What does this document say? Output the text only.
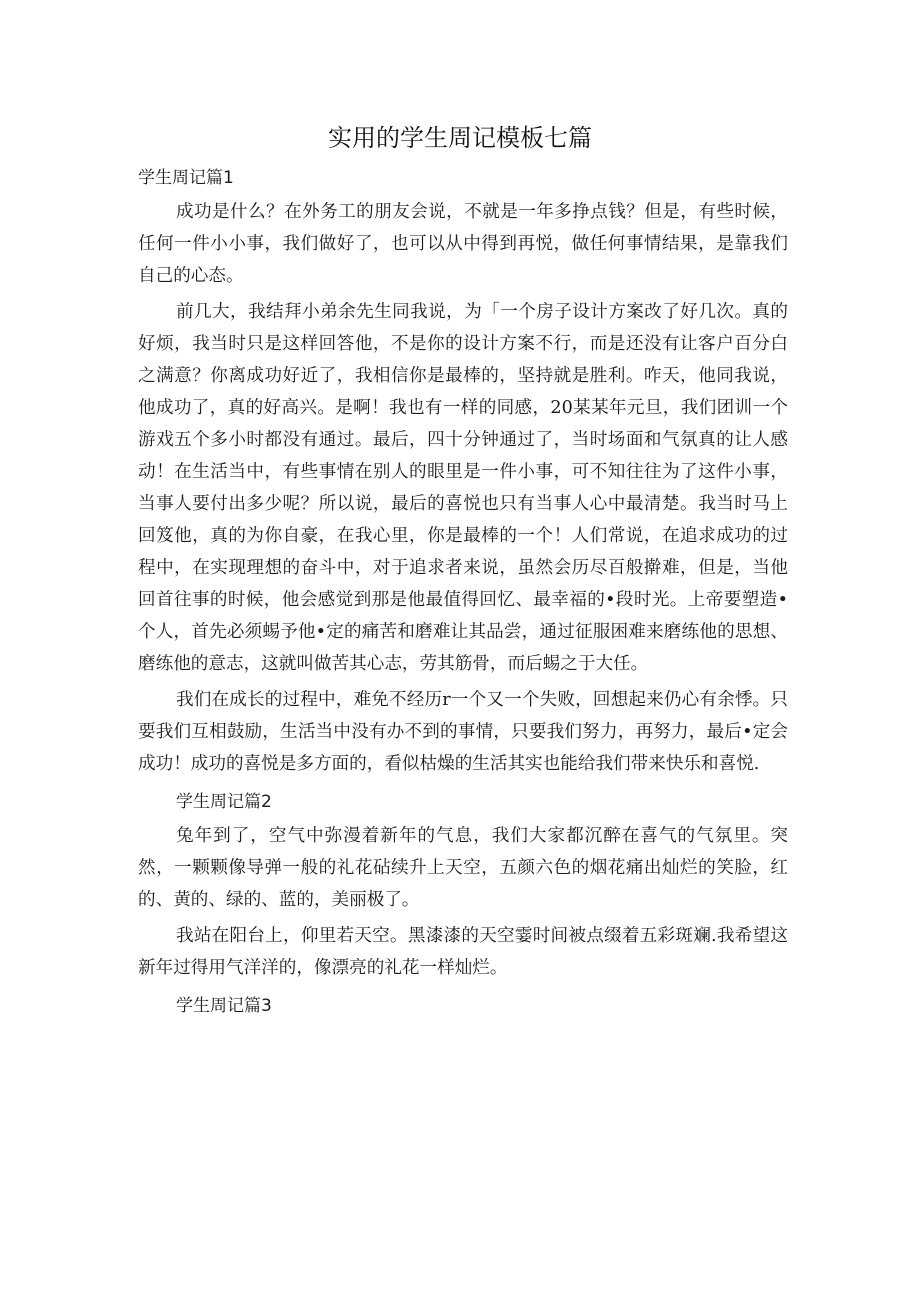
实用的学生周记模板七篇

学生周记篇1

成功是什么？在外务工的朋友会说，不就是一年多挣点钱？但是，有些时候，任何一件小小事，我们做好了，也可以从中得到再悦，做任何事情结果，是靠我们自己的心态。

前几大，我结拜小弟余先生同我说，为「一个房子设计方案改了好几次。真的好烦，我当时只是这样回答他，不是你的设计方案不行，而是还没有让客户百分白之满意？你离成功好近了，我相信你是最棒的，坚持就是胜利。咋天，他同我说，他成功了，真的好高兴。是啊！我也有一样的同感，20某某年元旦，我们团训一个游戏五个多小时都没有通过。最后，四十分钟通过了，当时场面和气氛真的让人感动！在生活当中，有些事情在别人的眼里是一件小事，可不知往往为了这件小事，当事人要付出多少呢？所以说，最后的喜悦也只有当事人心中最清楚。我当时马上回笈他，真的为你自豪，在我心里，你是最棒的一个！人们常说，在追求成功的过程中，在实现理想的奋斗中，对于追求者来说，虽然会历尽百般擀难，但是，当他回首往事的时候，他会感觉到那是他最值得回忆、最幸福的•段时光。上帝要塑造•个人，首先必须蜴予他•定的痛苦和磨难让其品尝，通过征服困难来磨练他的思想、磨练他的意志，这就叫做苦其心志，劳其筋骨，而后蜴之于大任。

我们在成长的过程中，难免不经历r一个又一个失败，回想起来仍心有余悸。只要我们互相鼓励，生活当中没有办不到的事情，只要我们努力，再努力，最后•定会成功！成功的喜悦是多方面的，看似枯燥的生活其实也能给我们带来快乐和喜悦.

学生周记篇2

兔年到了，空气中弥漫着新年的气息，我们大家都沉醉在喜气的气氛里。突然，一颗颗像导弹一般的礼花砧续升上天空，五颜六色的烟花痛出灿烂的笑脸，红的、黄的、绿的、蓝的，美丽极了。

我站在阳台上，仰里若天空。黑漆漆的天空霎时间被点缀着五彩斑斓.我希望这新年过得用气洋洋的，像漂亮的礼花一样灿烂。

学生周记篇3
